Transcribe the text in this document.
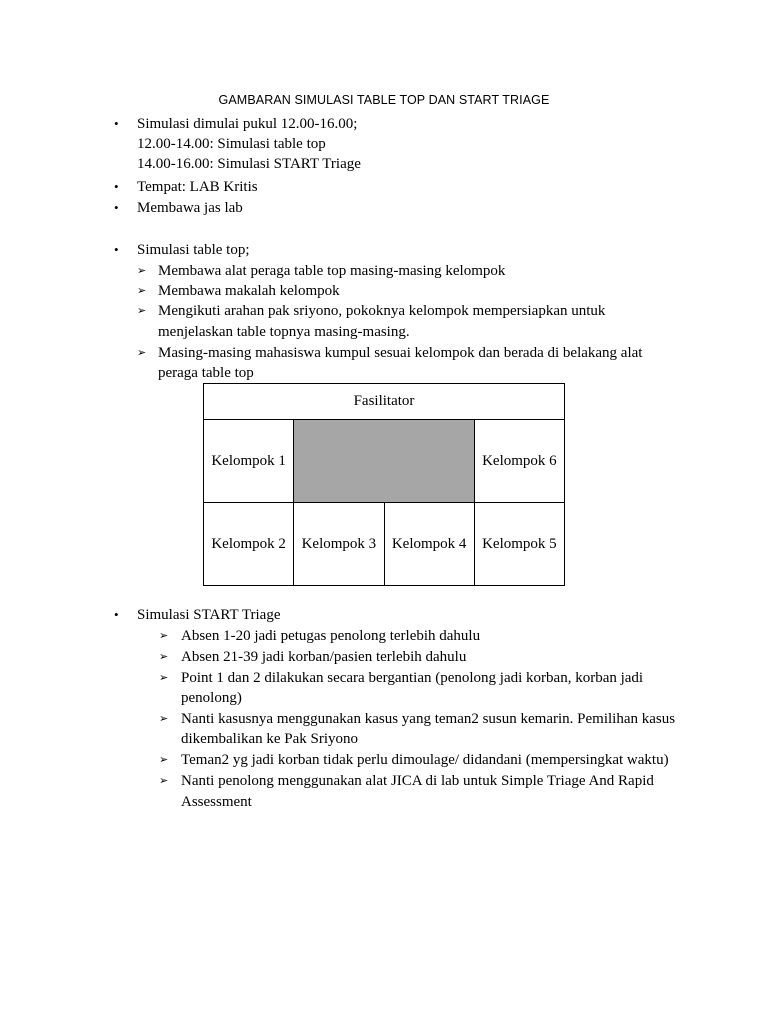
GAMBARAN SIMULASI TABLE TOP DAN START TRIAGE
• Simulasi dimulai pukul 12.00-16.00;
12.00-14.00: Simulasi table top
14.00-16.00: Simulasi START Triage
• Tempat: LAB Kritis
• Membawa jas lab
• Simulasi table top;
➢ Membawa alat peraga table top masing-masing kelompok
➢ Membawa makalah kelompok
➢ Mengikuti arahan pak sriyono, pokoknya kelompok mempersiapkan untuk
menjelaskan table topnya masing-masing.
➢ Masing-masing mahasiswa kumpul sesuai kelompok dan berada di belakang alat
peraga table top
Fasilitator			
Kelompok 1			Kelompok 6
Kelompok 2	Kelompok 3	Kelompok 4	Kelompok 5
• Simulasi START Triage
➢ Absen 1-20 jadi petugas penolong terlebih dahulu
➢ Absen 21-39 jadi korban/pasien terlebih dahulu
➢ Point 1 dan 2 dilakukan secara bergantian (penolong jadi korban, korban jadi
penolong)
➢ Nanti kasusnya menggunakan kasus yang teman2 susun kemarin. Pemilihan kasus
dikembalikan ke Pak Sriyono
➢ Teman2 yg jadi korban tidak perlu dimoulage/ didandani (mempersingkat waktu)
➢ Nanti penolong menggunakan alat JICA di lab untuk Simple Triage And Rapid
Assessment
